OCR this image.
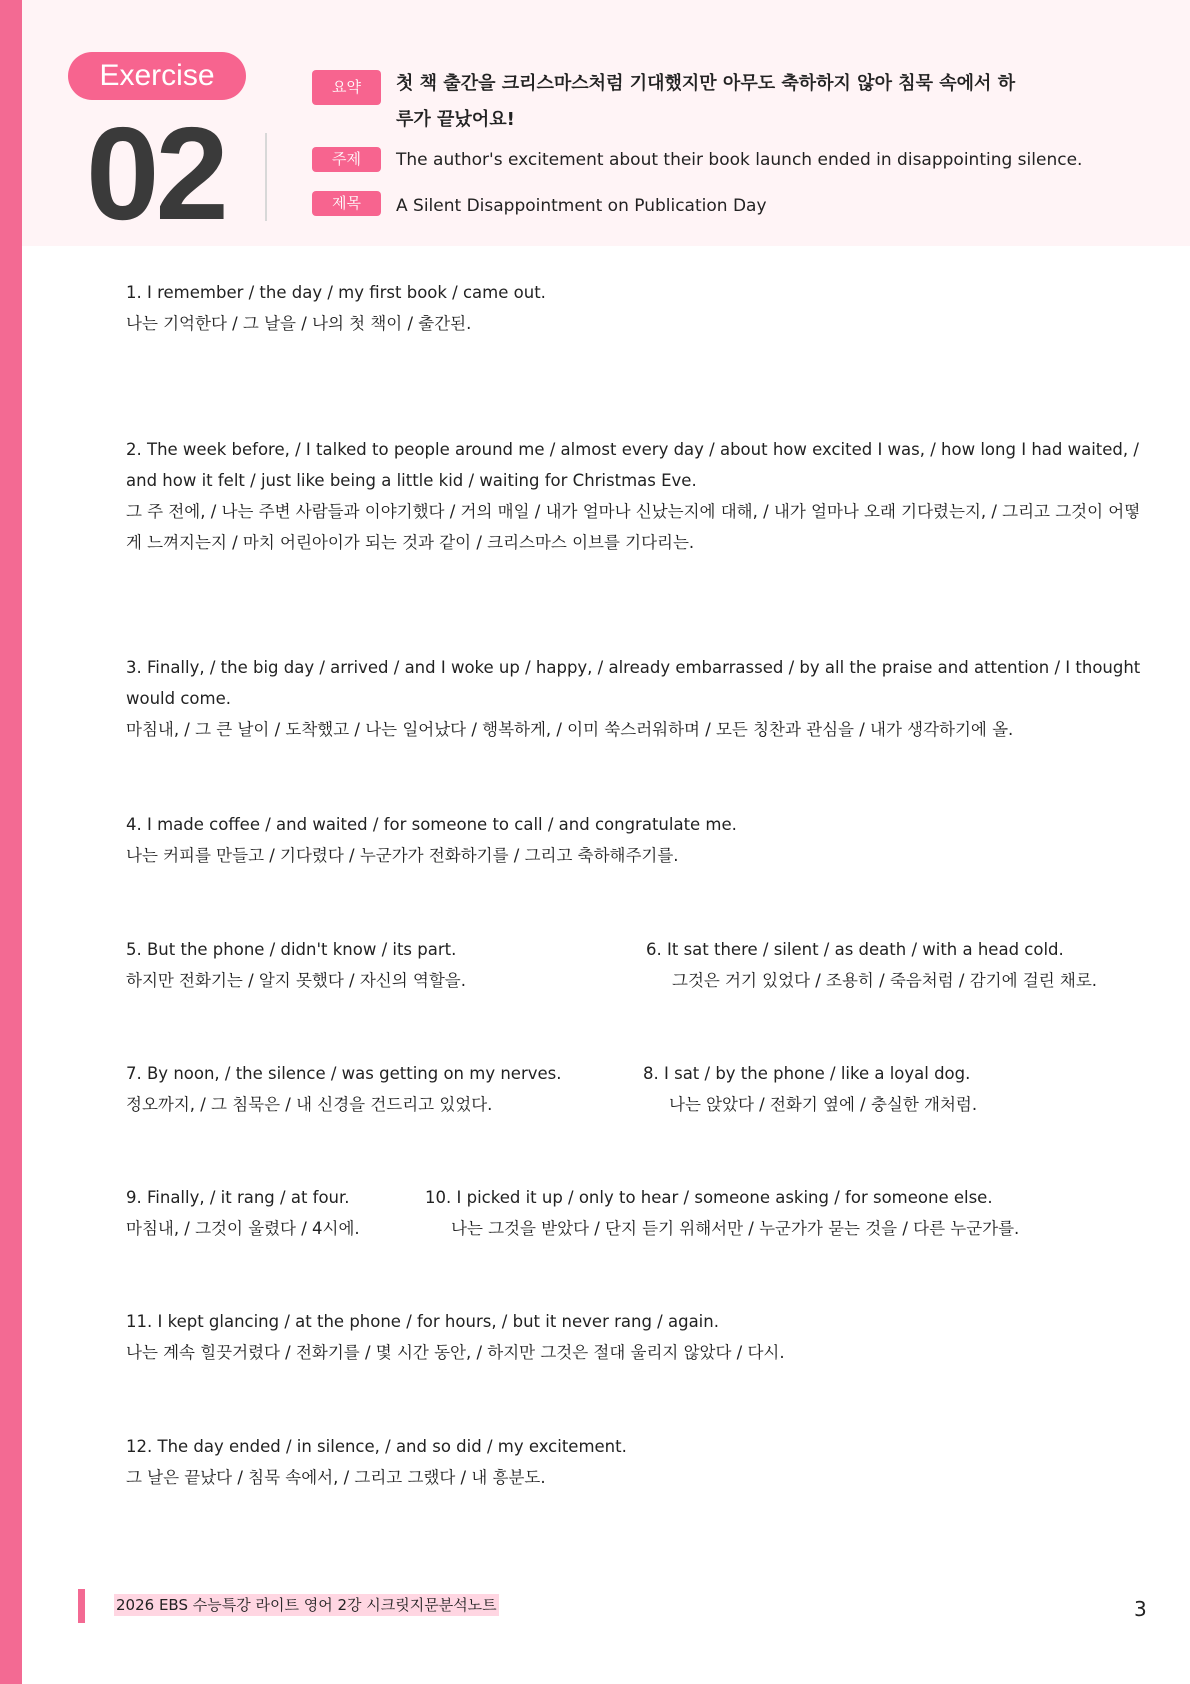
Exercise
02
요약	첫 책 출간을 크리스마스처럼 기대했지만 아무도 축하하지 않아 침묵 속에서 하루가 끝났어요!
주제	The author's excitement about their book launch ended in disappointing silence.
제목	A Silent Disappointment on Publication Day
1. I remember / the day / my first book / came out.
나는 기억한다 / 그 날을 / 나의 첫 책이 / 출간된.
2. The week before, / I talked to people around me / almost every day / about how excited I was, / how long I had waited, / and how it felt / just like being a little kid / waiting for Christmas Eve.
그 주 전에, / 나는 주변 사람들과 이야기했다 / 거의 매일 / 내가 얼마나 신났는지에 대해, / 내가 얼마나 오래 기다렸는지, / 그리고 그것이 어떻게 느껴지는지 / 마치 어린아이가 되는 것과 같이 / 크리스마스 이브를 기다리는.
3. Finally, / the big day / arrived / and I woke up / happy, / already embarrassed / by all the praise and attention / I thought would come.
마침내, / 그 큰 날이 / 도착했고 / 나는 일어났다 / 행복하게, / 이미 쑥스러워하며 / 모든 칭찬과 관심을 / 내가 생각하기에 올.
4. I made coffee / and waited / for someone to call / and congratulate me.
나는 커피를 만들고 / 기다렸다 / 누군가가 전화하기를 / 그리고 축하해주기를.
5. But the phone / didn't know / its part.
하지만 전화기는 / 알지 못했다 / 자신의 역할을.
6. It sat there / silent / as death / with a head cold.
그것은 거기 있었다 / 조용히 / 죽음처럼 / 감기에 걸린 채로.
7. By noon, / the silence / was getting on my nerves.
정오까지, / 그 침묵은 / 내 신경을 건드리고 있었다.
8. I sat / by the phone / like a loyal dog.
나는 앉았다 / 전화기 옆에 / 충실한 개처럼.
9. Finally, / it rang / at four.
마침내, / 그것이 울렸다 / 4시에.
10. I picked it up / only to hear / someone asking / for someone else.
나는 그것을 받았다 / 단지 듣기 위해서만 / 누군가가 묻는 것을 / 다른 누군가를.
11. I kept glancing / at the phone / for hours, / but it never rang / again.
나는 계속 힐끗거렸다 / 전화기를 / 몇 시간 동안, / 하지만 그것은 절대 울리지 않았다 / 다시.
12. The day ended / in silence, / and so did / my excitement.
그 날은 끝났다 / 침묵 속에서, / 그리고 그랬다 / 내 흥분도.
2026 EBS 수능특강 라이트 영어 2강 시크릿지문분석노트	3
